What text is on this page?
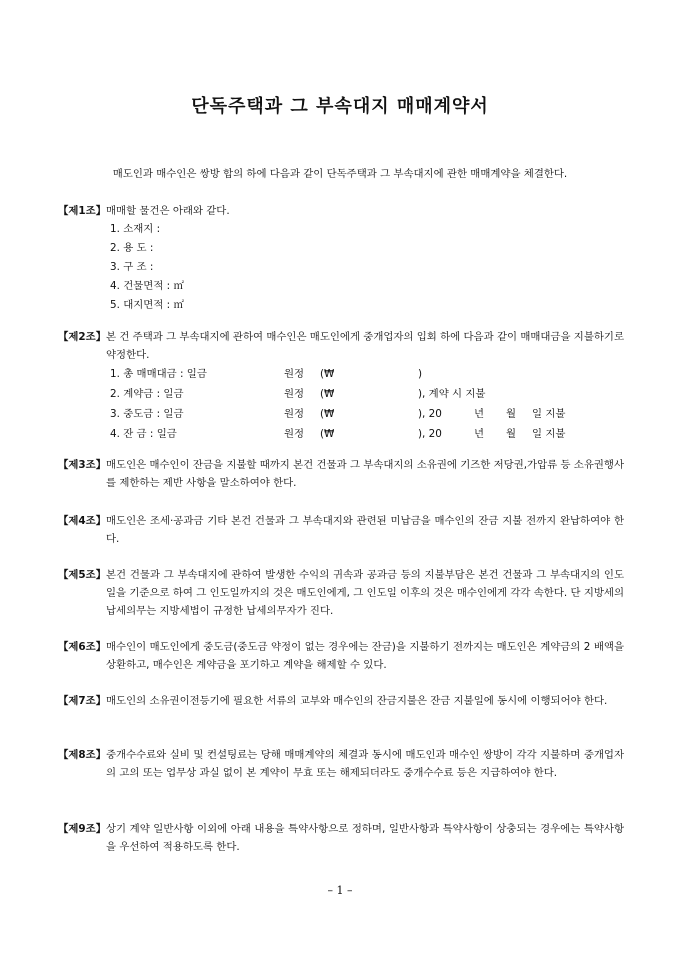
단독주택과 그 부속대지 매매계약서
매도인과 매수인은 쌍방 합의 하에 다음과 같이 단독주택과 그 부속대지에 관한 매매계약을 체결한다.
【제1조】 매매할 물건은 아래와 같다.
1. 소재지 :
2. 용 도 :
3. 구 조 :
4. 건물면적 : ㎡
5. 대지면적 : ㎡
【제2조】 본 건 주택과 그 부속대지에 관하여 매수인은 매도인에게 중개업자의 입회 하에 다음과 같이 매매대금을 지불하기로 약정한다.
1. 총 매매대금 : 일금	원정	(₩	)
2. 계약금 : 일금	원정	(₩	), 계약 시 지불
3. 중도금 : 일금	원정	(₩	), 20	년	월	일 지불
4. 잔 금 : 일금	원정	(₩	), 20	년	월	일 지불
【제3조】 매도인은 매수인이 잔금을 지불할 때까지 본건 건물과 그 부속대지의 소유권에 기즈한 저당권,가압류 등 소유권행사를 제한하는 제반 사항을 말소하여야 한다.
【제4조】 매도인은 조세·공과금 기타 본건 건물과 그 부속대지와 관련된 미납금을 매수인의 잔금 지불 전까지 완납하여야 한다.
【제5조】 본건 건물과 그 부속대지에 관하여 발생한 수익의 귀속과 공과금 등의 지불부담은 본건 건물과 그 부속대지의 인도일을 기준으로 하여 그 인도일까지의 것은 매도인에게, 그 인도일 이후의 것은 매수인에게 각각 속한다. 단 지방세의 납세의무는 지방세법이 규정한 납세의무자가 진다.
【제6조】 매수인이 매도인에게 중도금(중도금 약정이 없는 경우에는 잔금)을 지불하기 전까지는 매도인은 계약금의 2 배액을 상환하고, 매수인은 계약금을 포기하고 계약을 해제할 수 있다.
【제7조】 매도인의 소유권이전등기에 필요한 서류의 교부와 매수인의 잔금지불은 잔금 지불일에 동시에 이행되어야 한다.
【제8조】 중개수수료와 실비 및 컨설팅료는 당해 매매계약의 체결과 동시에 매도인과 매수인 쌍방이 각각 지불하며 중개업자의 고의 또는 업무상 과실 없이 본 계약이 무효 또는 해제되더라도 중개수수료 등은 지급하여야 한다.
【제9조】 상기 계약 일반사항 이외에 아래 내용을 특약사항으로 정하며, 일반사항과 특약사항이 상충되는 경우에는 특약사항을 우선하여 적용하도록 한다.
– 1 –
